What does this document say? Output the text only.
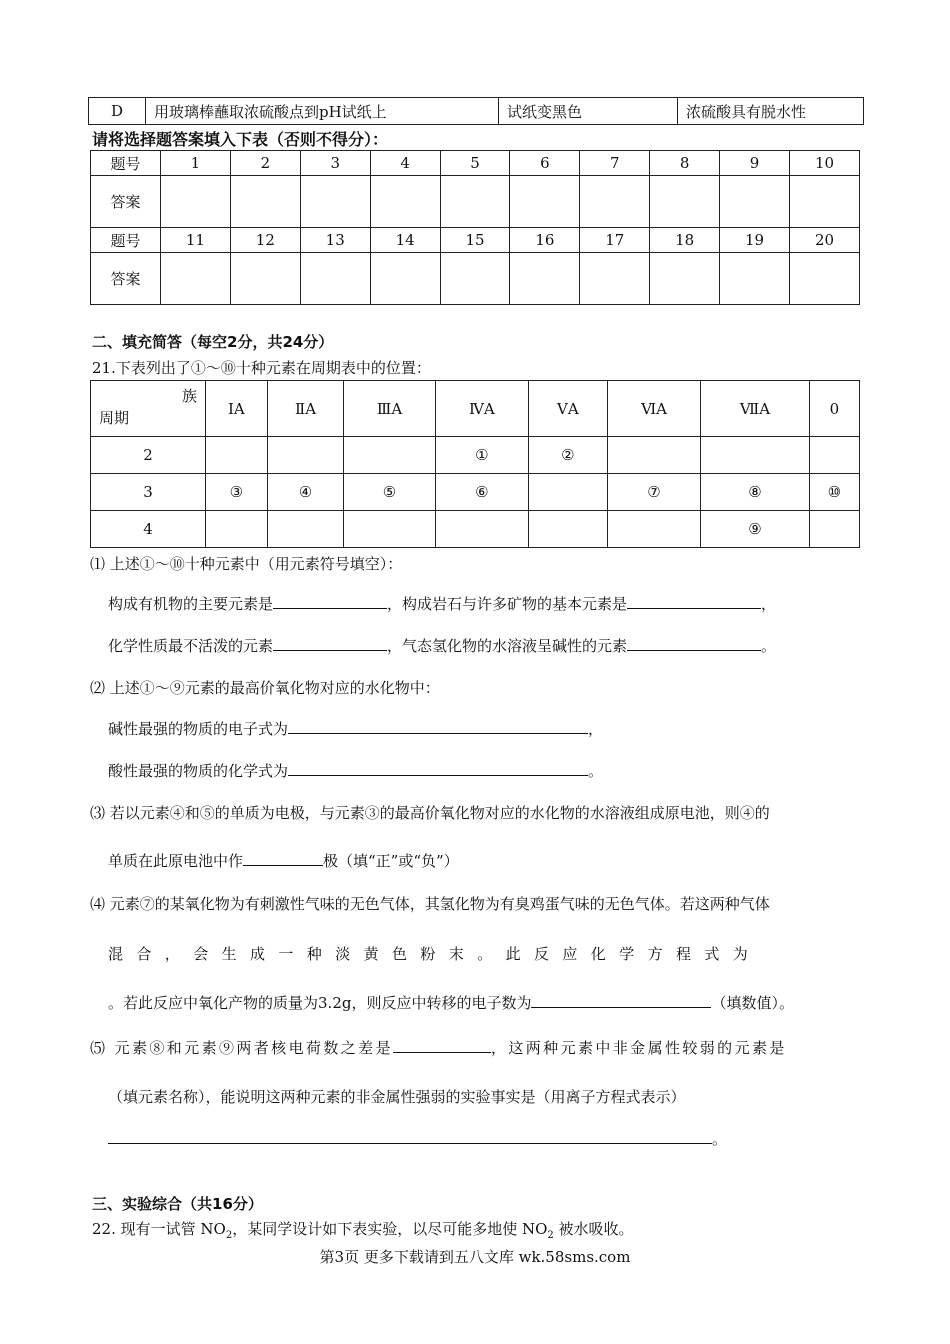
D	用玻璃棒蘸取浓硫酸点到pH试纸上	试纸变黑色	浓硫酸具有脱水性
请将选择题答案填入下表（否则不得分）：
题号	1	2	3	4	5	6	7	8	9	10
答案										
题号	11	12	13	14	15	16	17	18	19	20
答案										
二、填充简答（每空2分，共24分）
21.下表列出了①～⑩十种元素在周期表中的位置：
族
周期	ⅠA	ⅡA	ⅢA	ⅣA	ⅤA	ⅥA	ⅦA	0
2				①	②			
3	③	④	⑤	⑥		⑦	⑧	⑩
4							⑨	
⑴ 上述①～⑩十种元素中（用元素符号填空）：
构成有机物的主要元素是	，构成岩石与许多矿物的基本元素是	，
化学性质最不活泼的元素	，气态氢化物的水溶液呈碱性的元素	。
⑵ 上述①～⑨元素的最高价氧化物对应的水化物中：
碱性最强的物质的电子式为	，
酸性最强的物质的化学式为	。
⑶ 若以元素④和⑤的单质为电极，与元素③的最高价氧化物对应的水化物的水溶液组成原电池，则④的
单质在此原电池中作	极（填“正”或“负”）
⑷ 元素⑦的某氧化物为有刺激性气味的无色气体，其氢化物为有臭鸡蛋气味的无色气体。若这两种气体
混合，会生成一种淡黄色粉末。此反应化学方程式为
。若此反应中氧化产物的质量为3.2g，则反应中转移的电子数为	（填数值）。
⑸ 元素⑧和元素⑨两者核电荷数之差是	，这两种元素中非金属性较弱的元素是
（填元素名称），能说明这两种元素的非金属性强弱的实验事实是（用离子方程式表示）
。
三、实验综合（共16分）
22. 现有一试管 $NO_2$，某同学设计如下表实验，以尽可能多地使 $NO_2$ 被水吸收。
第3页 更多下载请到五八文库 wk.58sms.com
